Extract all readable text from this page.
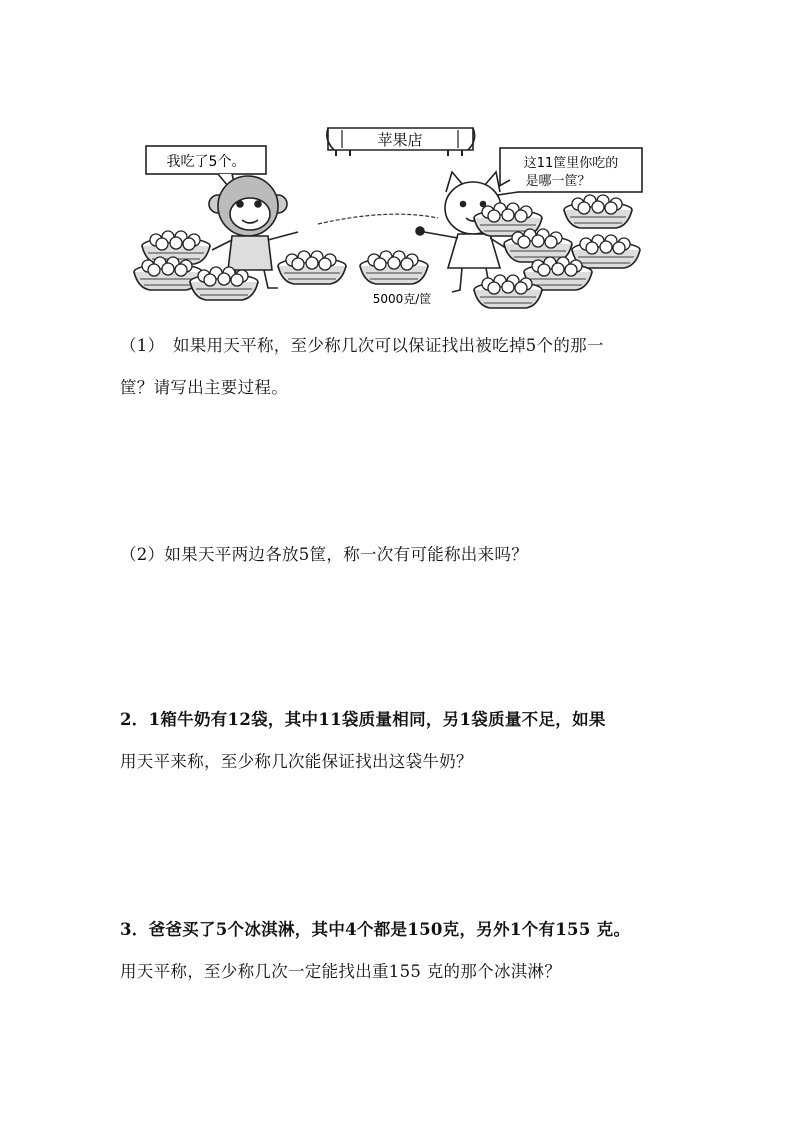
苹果店
我吃了5个。	这11筐里你吃的
是哪一筐？
5000克/筐
（1）　如果用天平称，至少称几次可以保证找出被吃掉5个的那一
筐？请写出主要过程。
（2）如果天平两边各放5筐，称一次有可能称出来吗？
2．1箱牛奶有12袋，其中11袋质量相同，另1袋质量不足，如果
用天平来称，至少称几次能保证找出这袋牛奶？
3．爸爸买了5个冰淇淋，其中4个都是150克，另外1个有155 克。
用天平称，至少称几次一定能找出重155 克的那个冰淇淋？
